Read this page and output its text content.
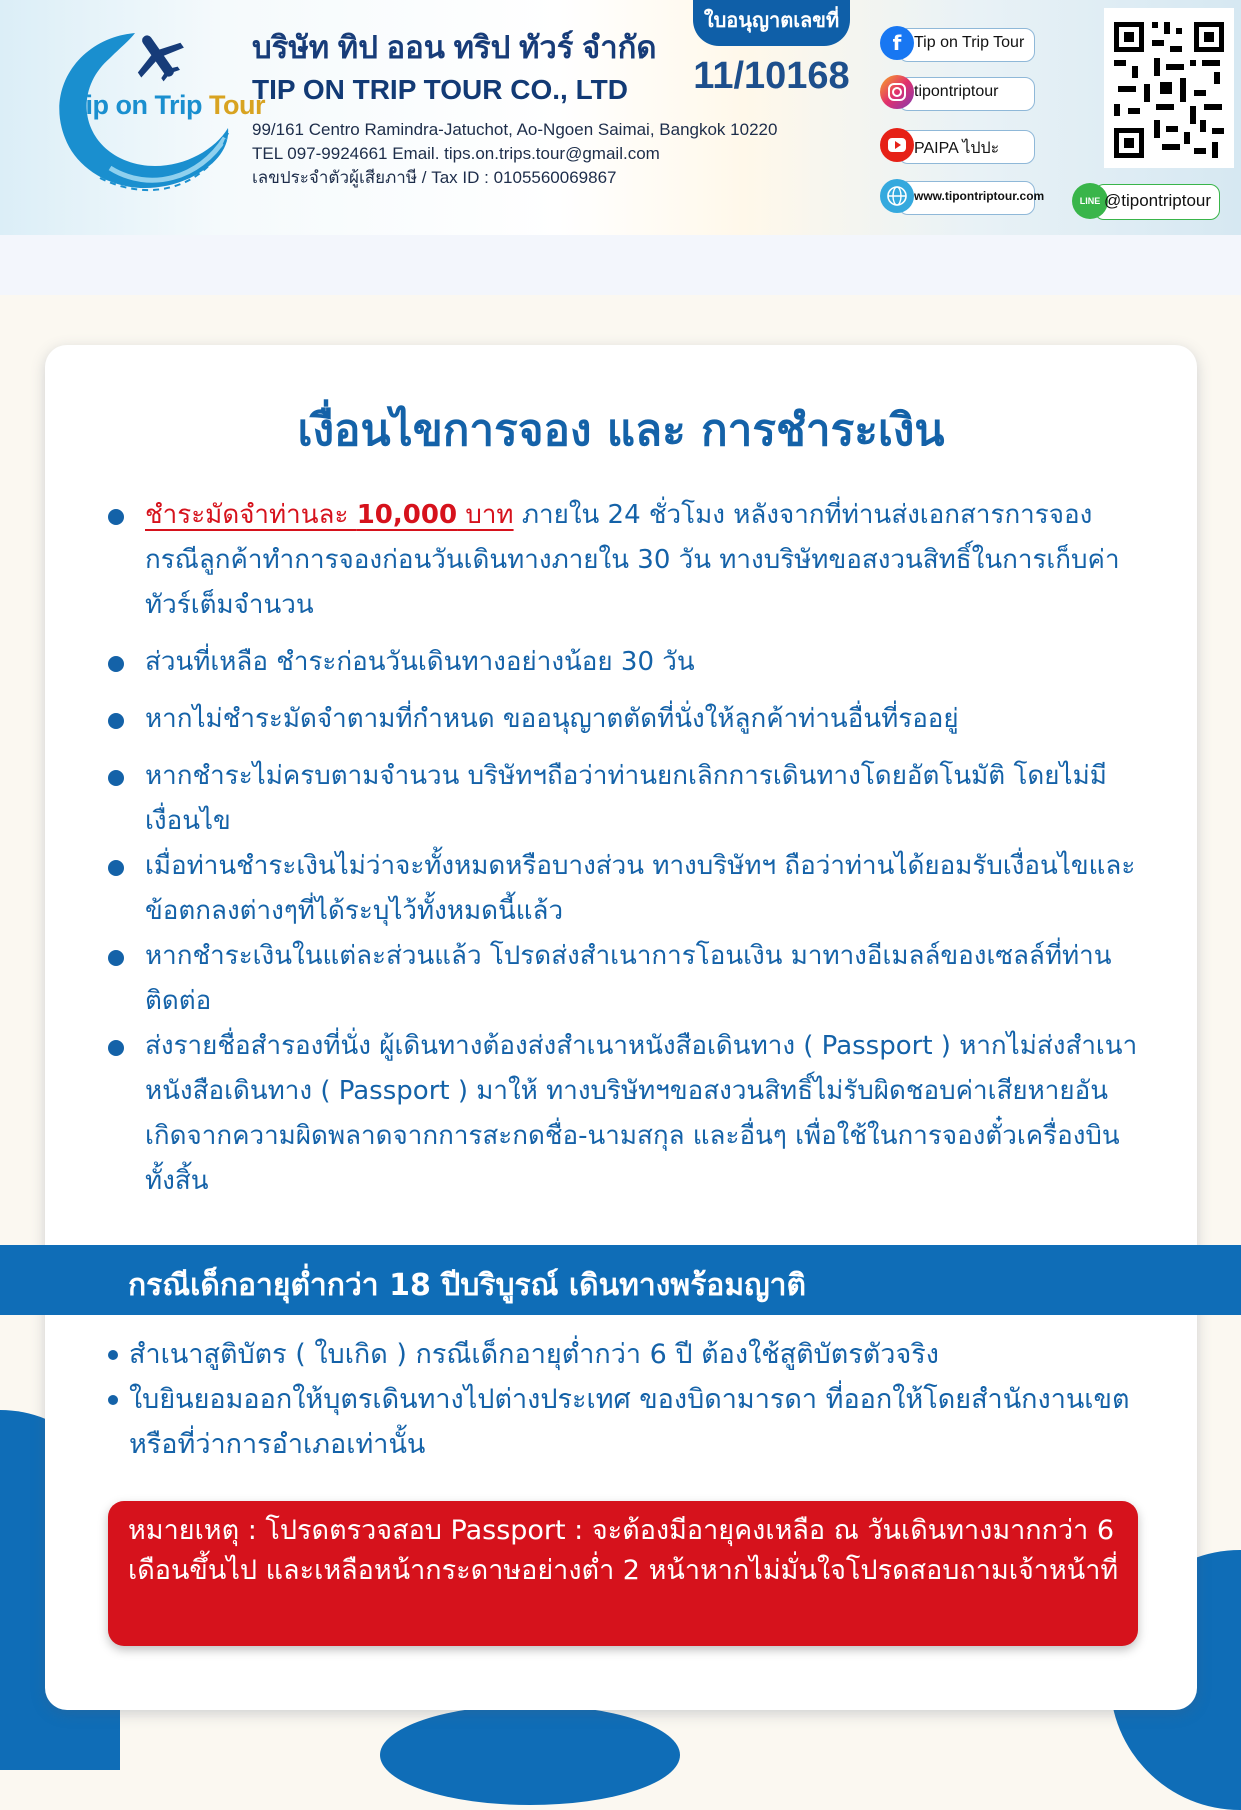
Tip on Trip Tour
บริษัท ทิป ออน ทริป ทัวร์ จำกัด
TIP ON TRIP TOUR CO., LTD
99/161 Centro Ramindra-Jatuchot, Ao-Ngoen Saimai, Bangkok 10220
TEL 097-9924661 Email. tips.on.trips.tour@gmail.com
เลขประจำตัวผู้เสียภาษี / Tax ID : 0105560069867
ใบอนุญาตเลขที่
11/10168
f Tip on Trip Tour
tipontriptour
PAIPA ไปปะ
www.tipontriptour.com	LINE @tipontriptour
เงื่อนไขการจอง และ การชำระเงิน
ชำระมัดจำท่านละ 10,000 บาท ภายใน 24 ชั่วโมง หลังจากที่ท่านส่งเอกสารการจอง กรณีลูกค้าทำการจองก่อนวันเดินทางภายใน 30 วัน ทางบริษัทขอสงวนสิทธิ์ในการเก็บค่าทัวร์เต็มจำนวน
ส่วนที่เหลือ ชำระก่อนวันเดินทางอย่างน้อย 30 วัน
หากไม่ชำระมัดจำตามที่กำหนด ขออนุญาตตัดที่นั่งให้ลูกค้าท่านอื่นที่รออยู่
หากชำระไม่ครบตามจำนวน บริษัทฯถือว่าท่านยกเลิกการเดินทางโดยอัตโนมัติ โดยไม่มีเงื่อนไข
เมื่อท่านชำระเงินไม่ว่าจะทั้งหมดหรือบางส่วน ทางบริษัทฯ ถือว่าท่านได้ยอมรับเงื่อนไขและข้อตกลงต่างๆที่ได้ระบุไว้ทั้งหมดนี้แล้ว
หากชำระเงินในแต่ละส่วนแล้ว โปรดส่งสำเนาการโอนเงิน มาทางอีเมลล์ของเซลล์ที่ท่านติดต่อ
ส่งรายชื่อสำรองที่นั่ง ผู้เดินทางต้องส่งสำเนาหนังสือเดินทาง ( Passport ) หากไม่ส่งสำเนาหนังสือเดินทาง ( Passport ) มาให้ ทางบริษัทฯขอสงวนสิทธิ์ไม่รับผิดชอบค่าเสียหายอันเกิดจากความผิดพลาดจากการสะกดชื่อ-นามสกุล และอื่นๆ เพื่อใช้ในการจองตั๋วเครื่องบินทั้งสิ้น
กรณีเด็กอายุต่ำกว่า 18 ปีบริบูรณ์ เดินทางพร้อมญาติ
สำเนาสูติบัตร ( ใบเกิด ) กรณีเด็กอายุต่ำกว่า 6 ปี ต้องใช้สูติบัตรตัวจริง
ใบยินยอมออกให้บุตรเดินทางไปต่างประเทศ ของบิดามารดา ที่ออกให้โดยสำนักงานเขตหรือที่ว่าการอำเภอเท่านั้น
หมายเหตุ : โปรดตรวจสอบ Passport : จะต้องมีอายุคงเหลือ ณ วันเดินทางมากกว่า 6 เดือนขึ้นไป และเหลือหน้ากระดาษอย่างต่ำ 2 หน้าหากไม่มั่นใจโปรดสอบถามเจ้าหน้าที่
